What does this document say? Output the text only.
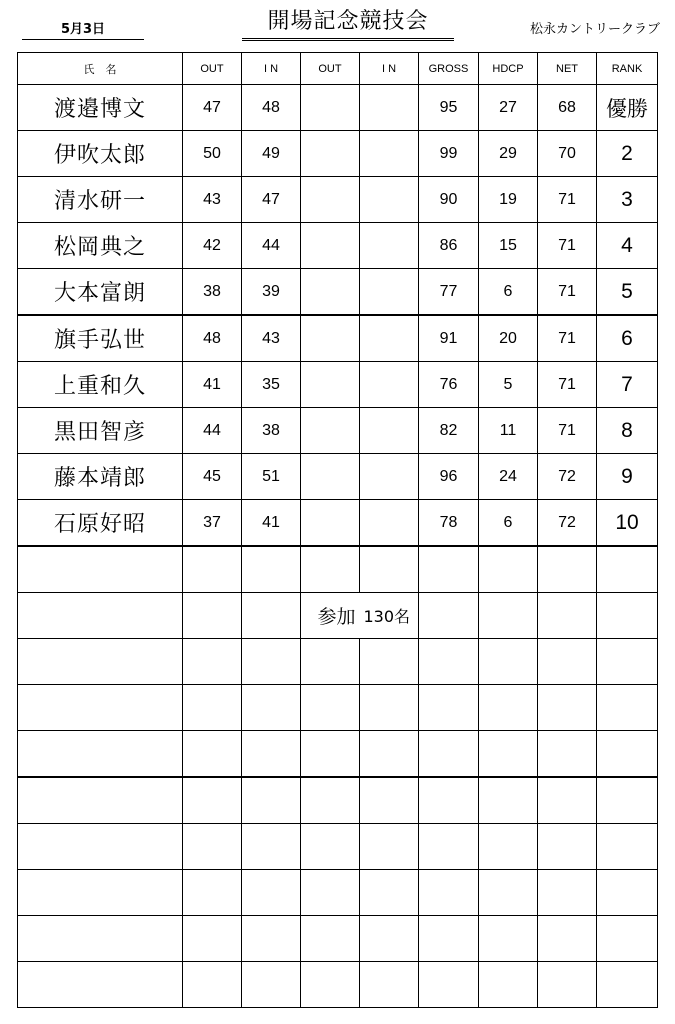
5月3日	開場記念競技会	松永カントリークラブ
氏　名	OUT	I N	OUT	I N	GROSS	HDCP	NET	RANK
渡邉博文	47	48			95	27	68	優勝
伊吹太郎	50	49			99	29	70	2
清水研一	43	47			90	19	71	3
松岡典之	42	44			86	15	71	4
大本富朗	38	39			77	6	71	5
旗手弘世	48	43			91	20	71	6
上重和久	41	35			76	5	71	7
黒田智彦	44	38			82	11	71	8
藤本靖郎	45	51			96	24	72	9
石原好昭	37	41			78	6	72	10

			参加	130名				
